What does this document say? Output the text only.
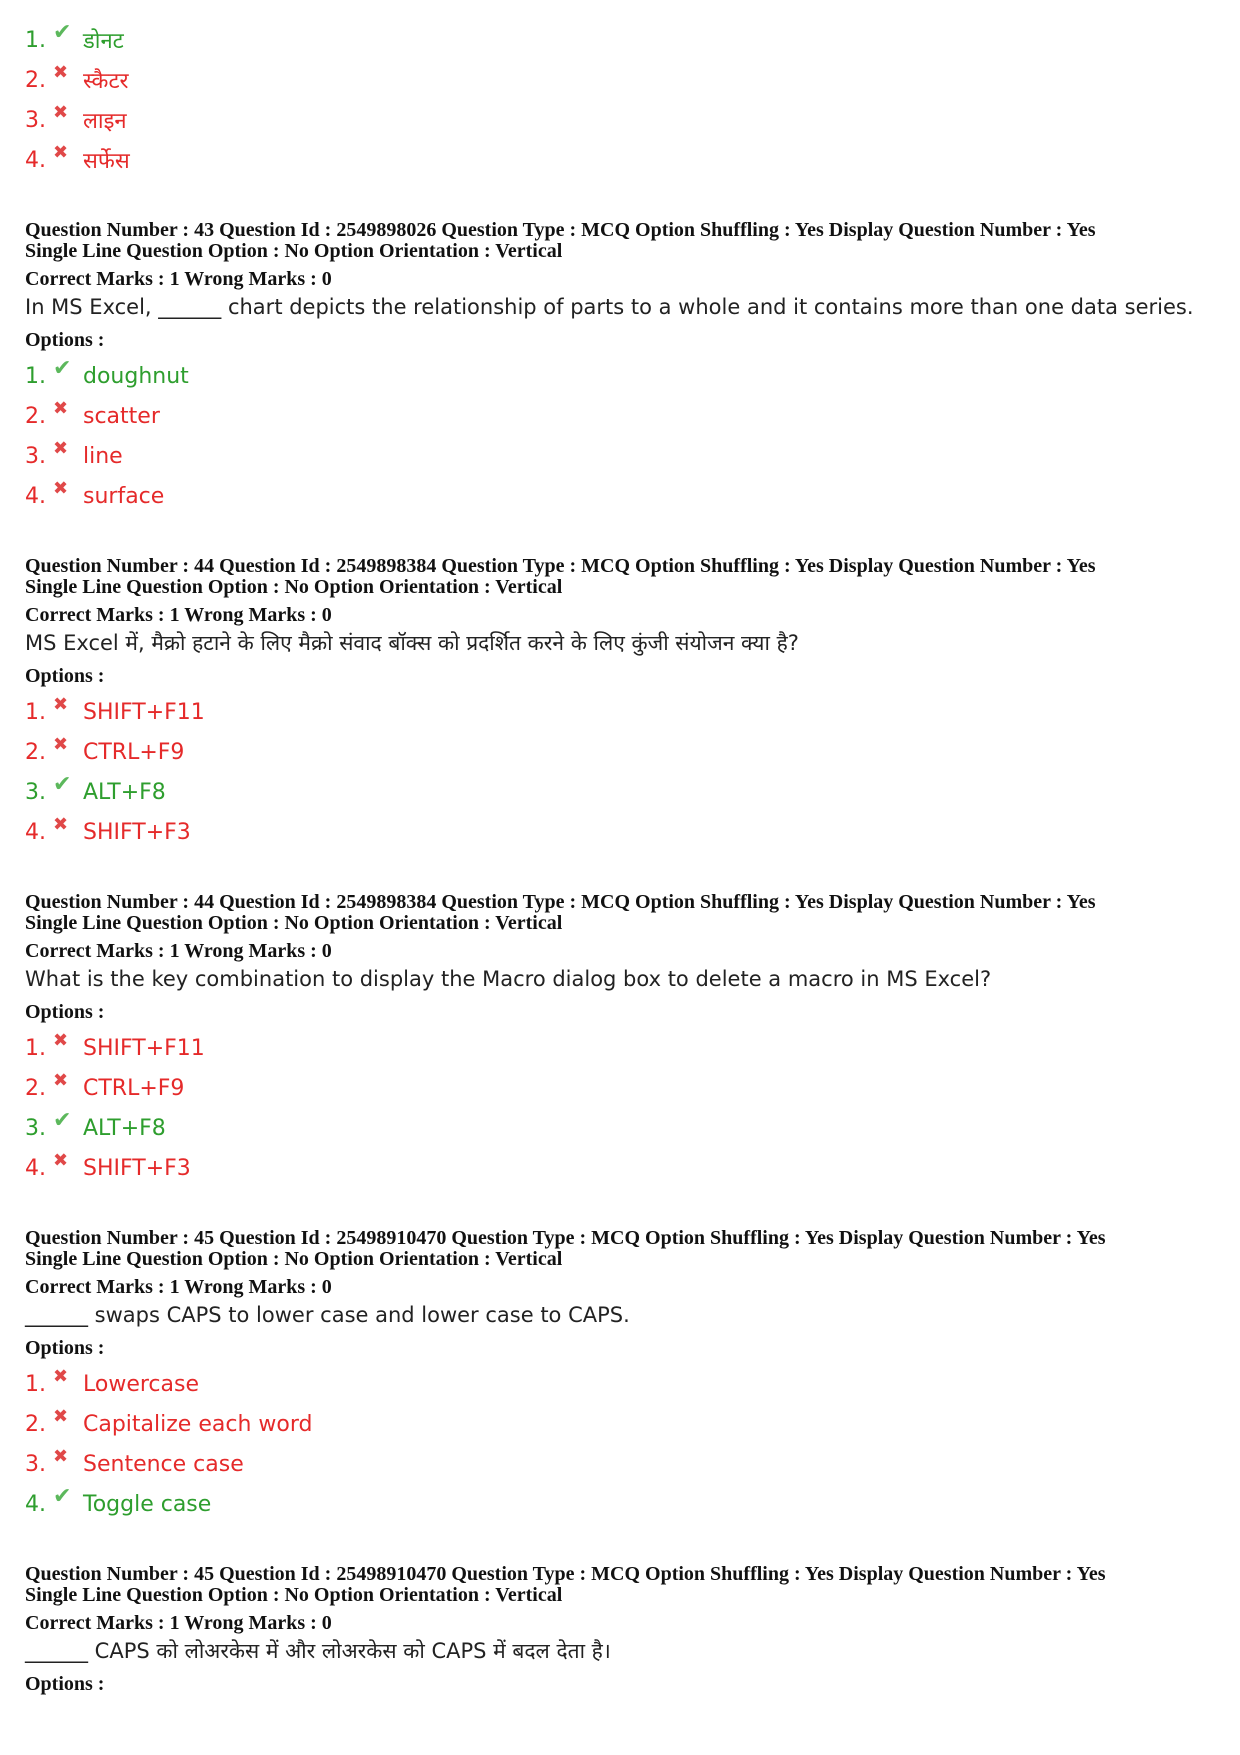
1. ✔ डोनट
2. ✖ स्कैटर
3. ✖ लाइन
4. ✖ सर्फेस
Question Number : 43 Question Id : 2549898026 Question Type : MCQ Option Shuffling : Yes Display Question Number : Yes
Single Line Question Option : No Option Orientation : Vertical
Correct Marks : 1 Wrong Marks : 0
In MS Excel, ______ chart depicts the relationship of parts to a whole and it contains more than one data series.
Options :
1. ✔ doughnut
2. ✖ scatter
3. ✖ line
4. ✖ surface
Question Number : 44 Question Id : 2549898384 Question Type : MCQ Option Shuffling : Yes Display Question Number : Yes
Single Line Question Option : No Option Orientation : Vertical
Correct Marks : 1 Wrong Marks : 0
MS Excel में, मैक्रो हटाने के लिए मैक्रो संवाद बॉक्स को प्रदर्शित करने के लिए कुंजी संयोजन क्या है?
Options :
1. ✖ SHIFT+F11
2. ✖ CTRL+F9
3. ✔ ALT+F8
4. ✖ SHIFT+F3
Question Number : 44 Question Id : 2549898384 Question Type : MCQ Option Shuffling : Yes Display Question Number : Yes
Single Line Question Option : No Option Orientation : Vertical
Correct Marks : 1 Wrong Marks : 0
What is the key combination to display the Macro dialog box to delete a macro in MS Excel?
Options :
1. ✖ SHIFT+F11
2. ✖ CTRL+F9
3. ✔ ALT+F8
4. ✖ SHIFT+F3
Question Number : 45 Question Id : 25498910470 Question Type : MCQ Option Shuffling : Yes Display Question Number : Yes
Single Line Question Option : No Option Orientation : Vertical
Correct Marks : 1 Wrong Marks : 0
______ swaps CAPS to lower case and lower case to CAPS.
Options :
1. ✖ Lowercase
2. ✖ Capitalize each word
3. ✖ Sentence case
4. ✔ Toggle case
Question Number : 45 Question Id : 25498910470 Question Type : MCQ Option Shuffling : Yes Display Question Number : Yes
Single Line Question Option : No Option Orientation : Vertical
Correct Marks : 1 Wrong Marks : 0
______ CAPS को लोअरकेस में और लोअरकेस को CAPS में बदल देता है।
Options :
